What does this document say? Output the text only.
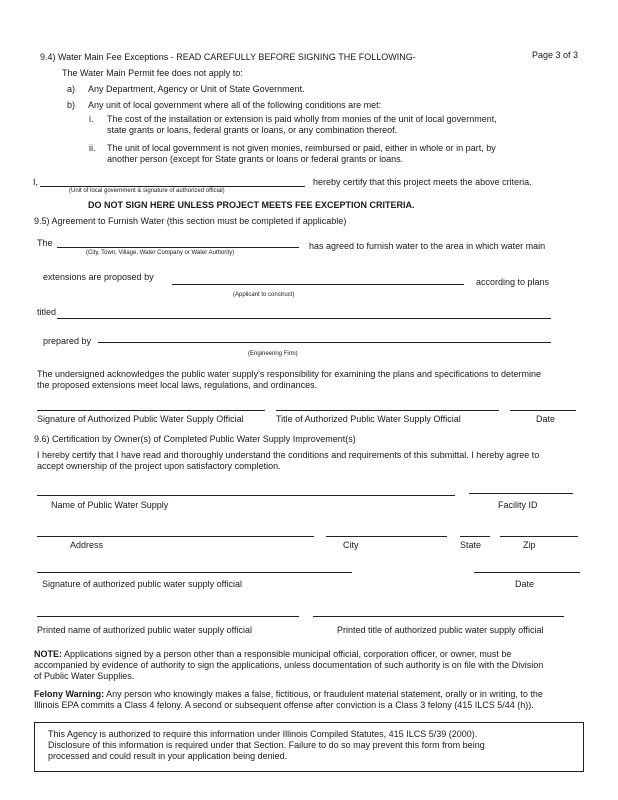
Page 3 of 3
9.4) Water Main Fee Exceptions - READ CAREFULLY BEFORE SIGNING THE FOLLOWING-
The Water Main Permit fee does not apply to:
a) Any Department, Agency or Unit of State Government.
b) Any unit of local government where all of the following conditions are met:
i. The cost of the installation or extension is paid wholly from monies of the unit of local government,
state grants or loans, federal grants or loans, or any combination thereof.
ii. The unit of local government is not given monies, reimbursed or paid, either in whole or in part, by
another person (except for State grants or loans or federal grants or loans.
I,
(Unit of local government & signature of authorized official)
hereby certify that this project meets the above criteria.
DO NOT SIGN HERE UNLESS PROJECT MEETS FEE EXCEPTION CRITERIA.
9.5) Agreement to Furnish Water (this section must be completed if applicable)
The
(City, Town, Village, Water Company or Water Authority)
has agreed to furnish water to the area in which water main
extensions are proposed by
(Applicant to construct)
according to plans
titled
prepared by
(Engineering Firm)
The undersigned acknowledges the public water supply's responsibility for examining the plans and specifications to determine
the proposed extensions meet local laws, regulations, and ordinances.
Signature of Authorized Public Water Supply Official	Title of Authorized Public Water Supply Official	Date
9.6) Certification by Owner(s) of Completed Public Water Supply Improvement(s)
I hereby certify that I have read and thoroughly understand the conditions and requirements of this submittal. I hereby agree to
accept ownership of the project upon satisfactory completion.
Name of Public Water Supply	Facility ID
Address	City	State	Zip
Signature of authorized public water supply official	Date
Printed name of authorized public water supply official	Printed title of authorized public water supply official
NOTE: Applications signed by a person other than a responsible municipal official, corporation officer, or owner, must be
accompanied by evidence of authority to sign the applications, unless documentation of such authority is on file with the Division
of Public Water Supplies.
Felony Warning: Any person who knowingly makes a false, fictitious, or fraudulent material statement, orally or in writing, to the
Illinois EPA commits a Class 4 felony. A second or subsequent offense after conviction is a Class 3 felony (415 ILCS 5/44 (h)).
This Agency is authorized to require this information under Illinois Compiled Statutes, 415 ILCS 5/39 (2000).
Disclosure of this information is required under that Section. Failure to do so may prevent this form from being
processed and could result in your application being denied.
